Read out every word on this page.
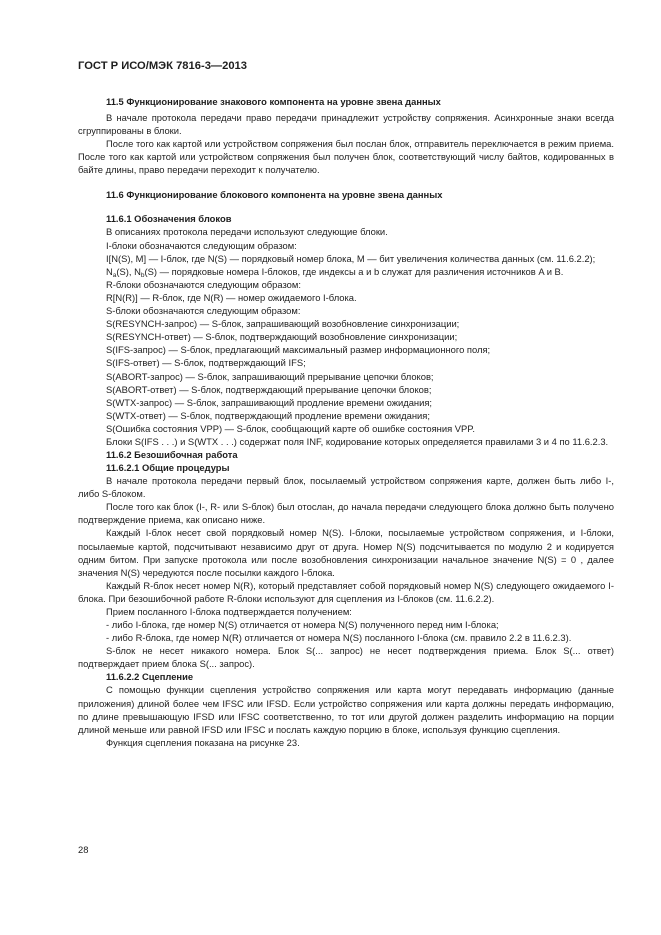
ГОСТ Р ИСО/МЭК 7816-3—2013
11.5 Функционирование знакового компонента на уровне звена данных

В начале протокола передачи право передачи принадлежит устройству сопряжения. Асинхронные знаки всегда сгруппированы в блоки.

После того как картой или устройством сопряжения был послан блок, отправитель переключается в режим приема. После того как картой или устройством сопряжения был получен блок, соответствующий числу байтов, кодированных в байте длины, право передачи переходит к получателю.

11.6 Функционирование блокового компонента на уровне звена данных
11.6.1 Обозначения блоков

В описаниях протокола передачи используют следующие блоки.

I-блоки обозначаются следующим образом:

I[N(S), M] — I-блок, где N(S) — порядковый номер блока, M — бит увеличения количества данных (см. 11.6.2.2);

$N_a(S)$, $N_b(S)$ — порядковые номера I-блоков, где индексы a и b служат для различения источников A и B.

R-блоки обозначаются следующим образом:

R[N(R)] — R-блок, где N(R) — номер ожидаемого I-блока.

S-блоки обозначаются следующим образом:

S(RESYNCH-запрос) — S-блок, запрашивающий возобновление синхронизации;

S(RESYNCH-ответ) — S-блок, подтверждающий возобновление синхронизации;

S(IFS-запрос) — S-блок, предлагающий максимальный размер информационного поля;

S(IFS-ответ) — S-блок, подтверждающий IFS;

S(ABORT-запрос) — S-блок, запрашивающий прерывание цепочки блоков;

S(ABORT-ответ) — S-блок, подтверждающий прерывание цепочки блоков;

S(WTX-запрос) — S-блок, запрашивающий продление времени ожидания;

S(WTX-ответ) — S-блок, подтверждающий продление времени ожидания;

S(Ошибка состояния VPP) — S-блок, сообщающий карте об ошибке состояния VPP.

Блоки S(IFS . . .) и S(WTX . . .) содержат поля INF, кодирование которых определяется правилами 3 и 4 по 11.6.2.3.

11.6.2 Безошибочная работа
11.6.2.1 Общие процедуры

В начале протокола передачи первый блок, посылаемый устройством сопряжения карте, должен быть либо I-, либо S-блоком.

После того как блок (I-, R- или S-блок) был отослан, до начала передачи следующего блока должно быть получено подтверждение приема, как описано ниже.

Каждый I-блок несет свой порядковый номер N(S). I-блоки, посылаемые устройством сопряжения, и I-блоки, посылаемые картой, подсчитывают независимо друг от друга. Номер N(S) подсчитывается по модулю 2 и кодируется одним битом. При запуске протокола или после возобновления синхронизации начальное значение N(S) = 0 , далее значения N(S) чередуются после посылки каждого I-блока.

Каждый R-блок несет номер N(R), который представляет собой порядковый номер N(S) следующего ожидаемого I-блока. При безошибочной работе R-блоки используют для сцепления из I-блоков (см. 11.6.2.2).

Прием посланного I-блока подтверждается получением:

- либо I-блока, где номер N(S) отличается от номера N(S) полученного перед ним I-блока;

- либо R-блока, где номер N(R) отличается от номера N(S) посланного I-блока (см. правило 2.2 в 11.6.2.3).

S-блок не несет никакого номера. Блок S(... запрос) не несет подтверждения приема. Блок S(... ответ) подтверждает прием блока S(... запрос).

11.6.2.2 Сцепление

С помощью функции сцепления устройство сопряжения или карта могут передавать информацию (данные приложения) длиной более чем IFSC или IFSD. Если устройство сопряжения или карта должны передать информацию, по длине превышающую IFSD или IFSC соответственно, то тот или другой должен разделить информацию на порции длиной меньше или равной IFSD или IFSC и послать каждую порцию в блоке, используя функцию сцепления.

Функция сцепления показана на рисунке 23.

28
